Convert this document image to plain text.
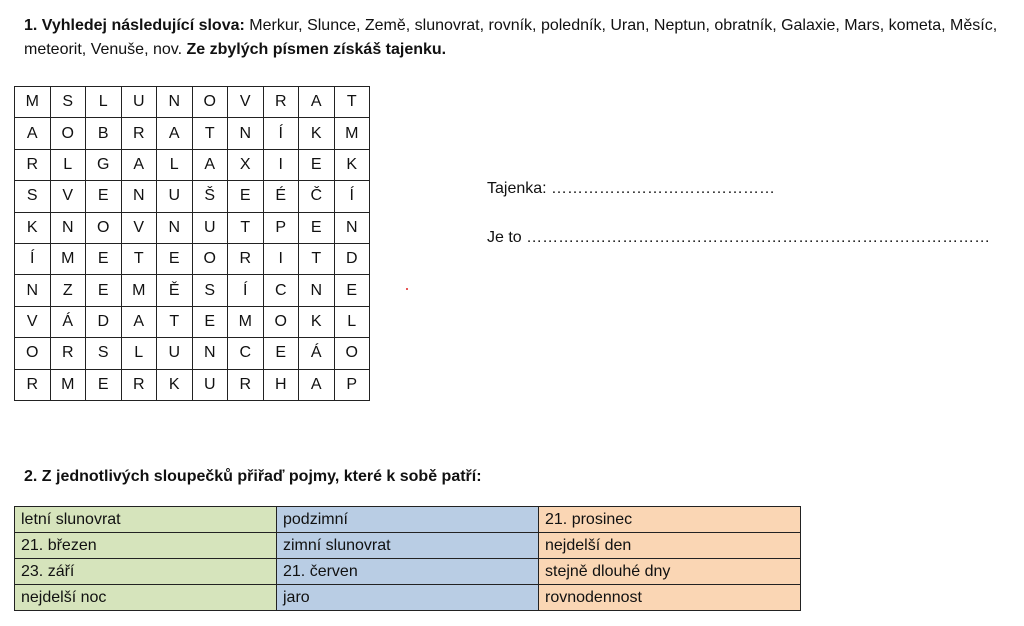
1. Vyhledej následující slova: Merkur, Slunce, Země, slunovrat, rovník, poledník, Uran, Neptun, obratník, Galaxie, Mars, kometa, Měsíc, meteorit, Venuše, nov. Ze zbylých písmen získáš tajenku.
M	S	L	U	N	O	V	R	A	T
A	O	B	R	A	T	N	Í	K	M
R	L	G	A	L	A	X	I	E	K
S	V	E	N	U	Š	E	É	Č	Í
K	N	O	V	N	U	T	P	E	N
Í	M	E	T	E	O	R	I	T	D
N	Z	E	M	Ě	S	Í	C	N	E
V	Á	D	A	T	E	M	O	K	L
O	R	S	L	U	N	C	E	Á	O
R	M	E	R	K	U	R	H	A	P
Tajenka: ……………………………………
Je to ……………………………………………………………………………
2. Z jednotlivých sloupečků přiřaď pojmy, které k sobě patří:
letní slunovrat	podzimní	21. prosinec
21. březen	zimní slunovrat	nejdelší den
23. září	21. červen	stejně dlouhé dny
nejdelší noc	jaro	rovnodennost
